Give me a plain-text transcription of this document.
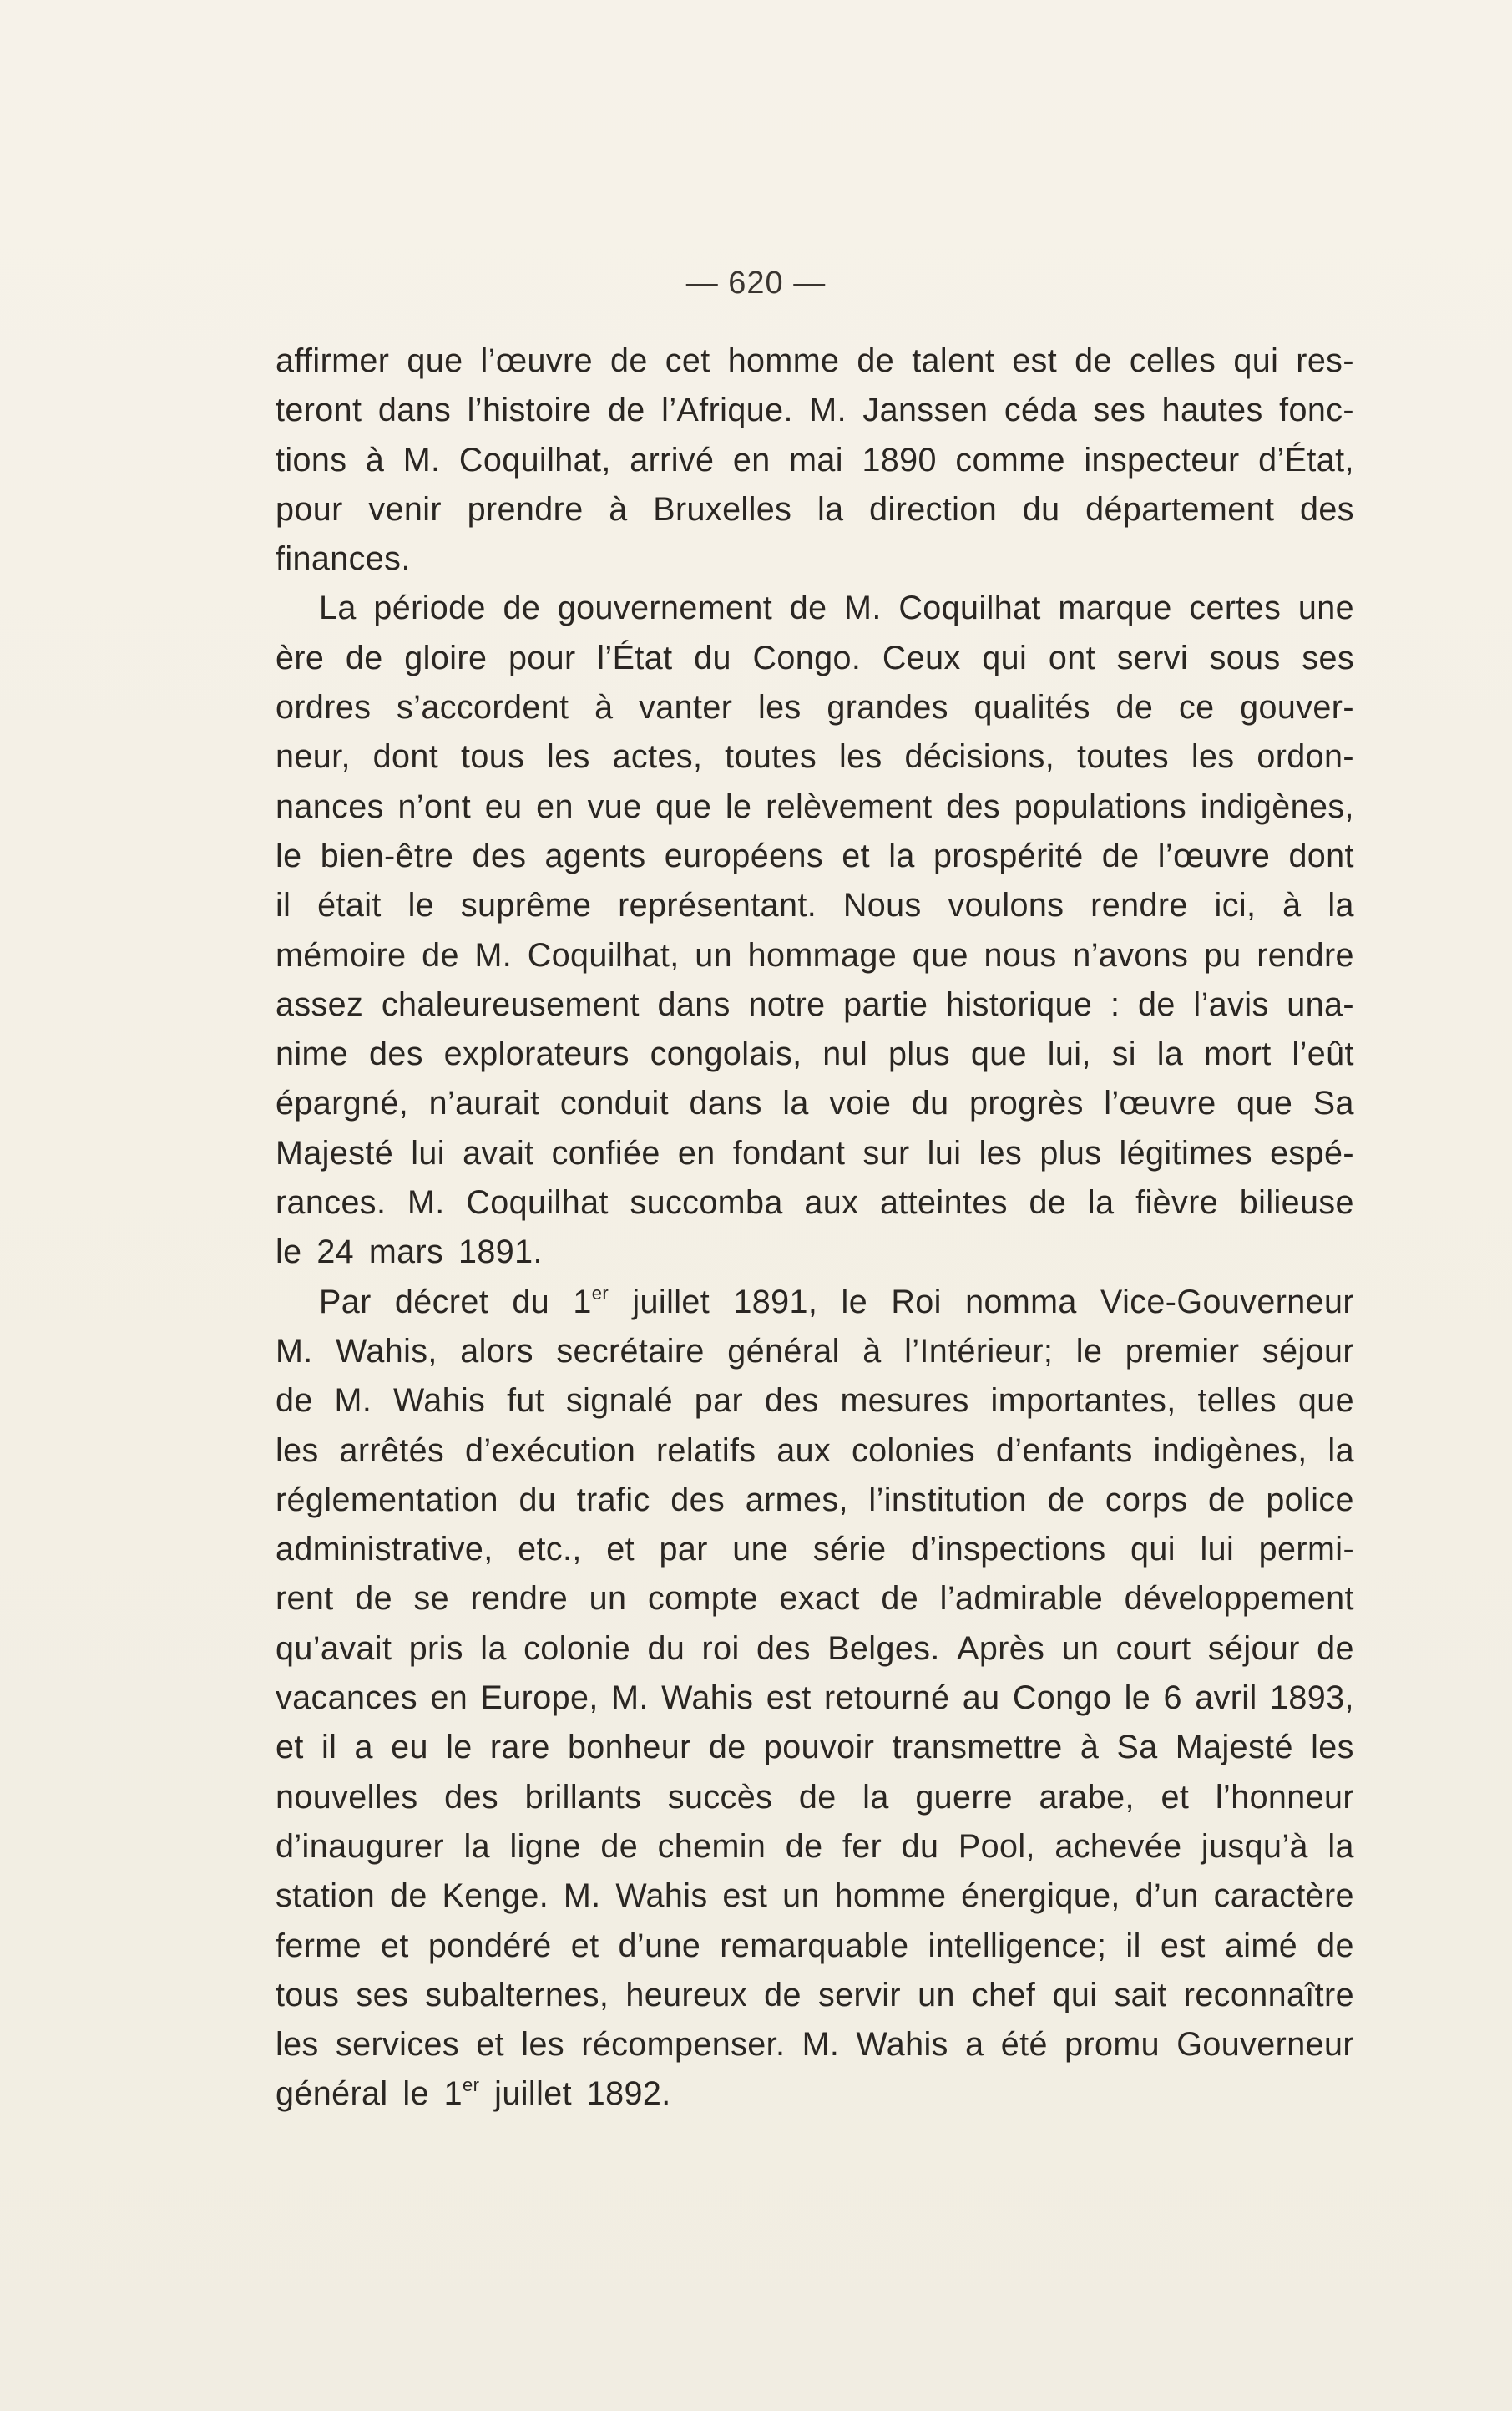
— 620 —
affirmer que l’œuvre de cet homme de talent est de celles qui res-
teront dans l’histoire de l’Afrique. M. Janssen céda ses hautes fonc-
tions à M. Coquilhat, arrivé en mai 1890 comme inspecteur d’État,
pour venir prendre à Bruxelles la direction du département des
finances.
La période de gouvernement de M. Coquilhat marque certes une
ère de gloire pour l’État du Congo. Ceux qui ont servi sous ses
ordres s’accordent à vanter les grandes qualités de ce gouver-
neur, dont tous les actes, toutes les décisions, toutes les ordon-
nances n’ont eu en vue que le relèvement des populations indigènes,
le bien-être des agents européens et la prospérité de l’œuvre dont
il était le suprême représentant. Nous voulons rendre ici, à la
mémoire de M. Coquilhat, un hommage que nous n’avons pu rendre
assez chaleureusement dans notre partie historique : de l’avis una-
nime des explorateurs congolais, nul plus que lui, si la mort l’eût
épargné, n’aurait conduit dans la voie du progrès l’œuvre que Sa
Majesté lui avait confiée en fondant sur lui les plus légitimes espé-
rances. M. Coquilhat succomba aux atteintes de la fièvre bilieuse
le 24 mars 1891.
Par décret du 1er juillet 1891, le Roi nomma Vice-Gouverneur
M. Wahis, alors secrétaire général à l’Intérieur; le premier séjour
de M. Wahis fut signalé par des mesures importantes, telles que
les arrêtés d’exécution relatifs aux colonies d’enfants indigènes, la
réglementation du trafic des armes, l’institution de corps de police
administrative, etc., et par une série d’inspections qui lui permi-
rent de se rendre un compte exact de l’admirable développement
qu’avait pris la colonie du roi des Belges. Après un court séjour de
vacances en Europe, M. Wahis est retourné au Congo le 6 avril 1893,
et il a eu le rare bonheur de pouvoir transmettre à Sa Majesté les
nouvelles des brillants succès de la guerre arabe, et l’honneur
d’inaugurer la ligne de chemin de fer du Pool, achevée jusqu’à la
station de Kenge. M. Wahis est un homme énergique, d’un caractère
ferme et pondéré et d’une remarquable intelligence; il est aimé de
tous ses subalternes, heureux de servir un chef qui sait reconnaître
les services et les récompenser. M. Wahis a été promu Gouverneur
général le 1er juillet 1892.
